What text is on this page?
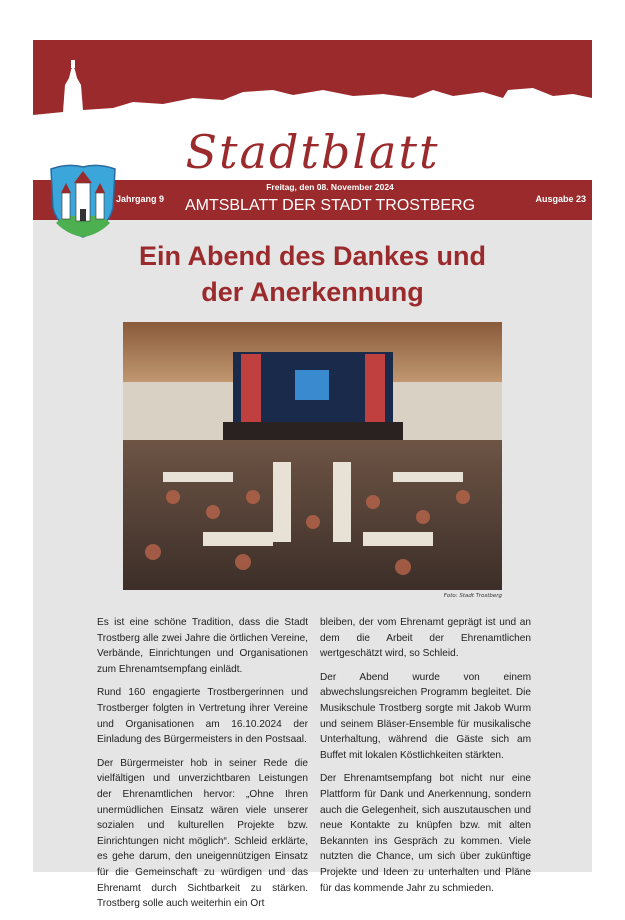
Stadtblatt
Jahrgang 9
Freitag, den 08. November 2024
AMTSBLATT DER STADT TROSTBERG	Ausgabe 23
Ein Abend des Dankes und
der Anerkennung
Foto: Stadt Trostberg

Es ist eine schöne Tradition, dass die Stadt Trostberg alle zwei Jahre die örtlichen Vereine, Verbände, Einrichtungen und Organisationen zum Ehrenamtsempfang einlädt.

Rund 160 engagierte Trostbergerinnen und Trostberger folgten in Vertretung ihrer Vereine und Organisationen am 16.10.2024 der Einladung des Bürgermeisters in den Postsaal.

Der Bürgermeister hob in seiner Rede die vielfältigen und unverzichtbaren Leistungen der Ehrenamtlichen hervor: „Ohne Ihren unermüdlichen Einsatz wären viele unserer sozialen und kulturellen Projekte bzw. Einrichtungen nicht möglich“. Schleid erklärte, es gehe darum, den uneigennützigen Einsatz für die Gemeinschaft zu würdigen und das Ehrenamt durch Sichtbarkeit zu stärken. Trostberg solle auch weiterhin ein Ort

bleiben, der vom Ehrenamt geprägt ist und an dem die Arbeit der Ehrenamtlichen wertgeschätzt wird, so Schleid.

Der Abend wurde von einem abwechslungsreichen Programm begleitet. Die Musikschule Trostberg sorgte mit Jakob Wurm und seinem Bläser-Ensemble für musikalische Unterhaltung, während die Gäste sich am Buffet mit lokalen Köstlichkeiten stärkten.

Der Ehrenamtsempfang bot nicht nur eine Plattform für Dank und Anerkennung, sondern auch die Gelegenheit, sich auszutauschen und neue Kontakte zu knüpfen bzw. mit alten Bekannten ins Gespräch zu kommen. Viele nutzten die Chance, um sich über zukünftige Projekte und Ideen zu unterhalten und Pläne für das kommende Jahr zu schmieden.
